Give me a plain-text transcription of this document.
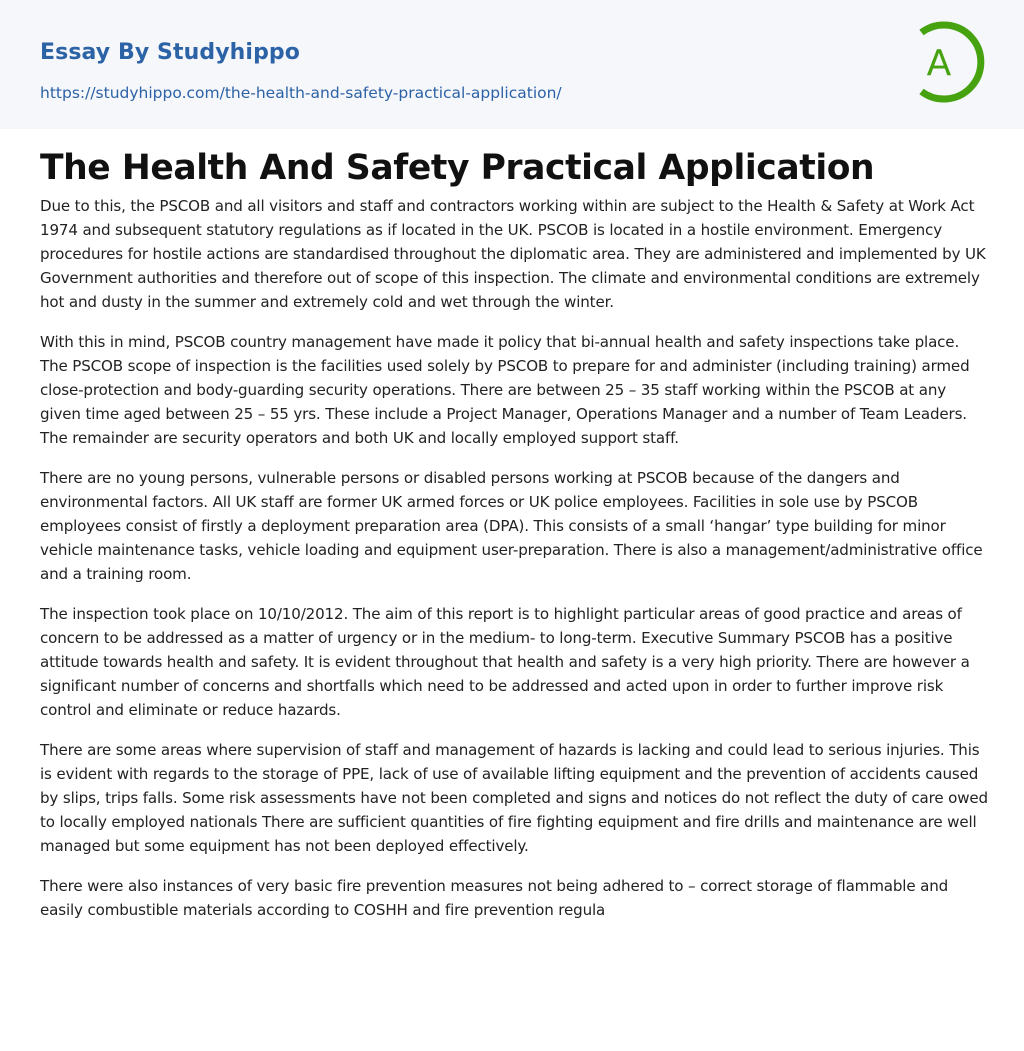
Essay By Studyhippo
https://studyhippo.com/the-health-and-safety-practical-application/
A
The Health And Safety Practical Application

Due to this, the PSCOB and all visitors and staff and contractors working within are subject to the Health & Safety at Work Act 1974 and subsequent statutory regulations as if located in the UK. PSCOB is located in a hostile environment. Emergency procedures for hostile actions are standardised throughout the diplomatic area. They are administered and implemented by UK Government authorities and therefore out of scope of this inspection. The climate and environmental conditions are extremely hot and dusty in the summer and extremely cold and wet through the winter.

With this in mind, PSCOB country management have made it policy that bi-annual health and safety inspections take place. The PSCOB scope of inspection is the facilities used solely by PSCOB to prepare for and administer (including training) armed close-protection and body-guarding security operations. There are between 25 – 35 staff working within the PSCOB at any given time aged between 25 – 55 yrs. These include a Project Manager, Operations Manager and a number of Team Leaders. The remainder are security operators and both UK and locally employed support staff.

There are no young persons, vulnerable persons or disabled persons working at PSCOB because of the dangers and environmental factors. All UK staff are former UK armed forces or UK police employees. Facilities in sole use by PSCOB employees consist of firstly a deployment preparation area (DPA). This consists of a small ‘hangar’ type building for minor vehicle maintenance tasks, vehicle loading and equipment user-preparation. There is also a management/administrative office and a training room.

The inspection took place on 10/10/2012. The aim of this report is to highlight particular areas of good practice and areas of concern to be addressed as a matter of urgency or in the medium- to long-term. Executive Summary PSCOB has a positive attitude towards health and safety. It is evident throughout that health and safety is a very high priority. There are however a significant number of concerns and shortfalls which need to be addressed and acted upon in order to further improve risk control and eliminate or reduce hazards.

There are some areas where supervision of staff and management of hazards is lacking and could lead to serious injuries. This is evident with regards to the storage of PPE, lack of use of available lifting equipment and the prevention of accidents caused by slips, trips falls. Some risk assessments have not been completed and signs and notices do not reflect the duty of care owed to locally employed nationals There are sufficient quantities of fire fighting equipment and fire drills and maintenance are well managed but some equipment has not been deployed effectively.

There were also instances of very basic fire prevention measures not being adhered to – correct storage of flammable and easily combustible materials according to COSHH and fire prevention regula
